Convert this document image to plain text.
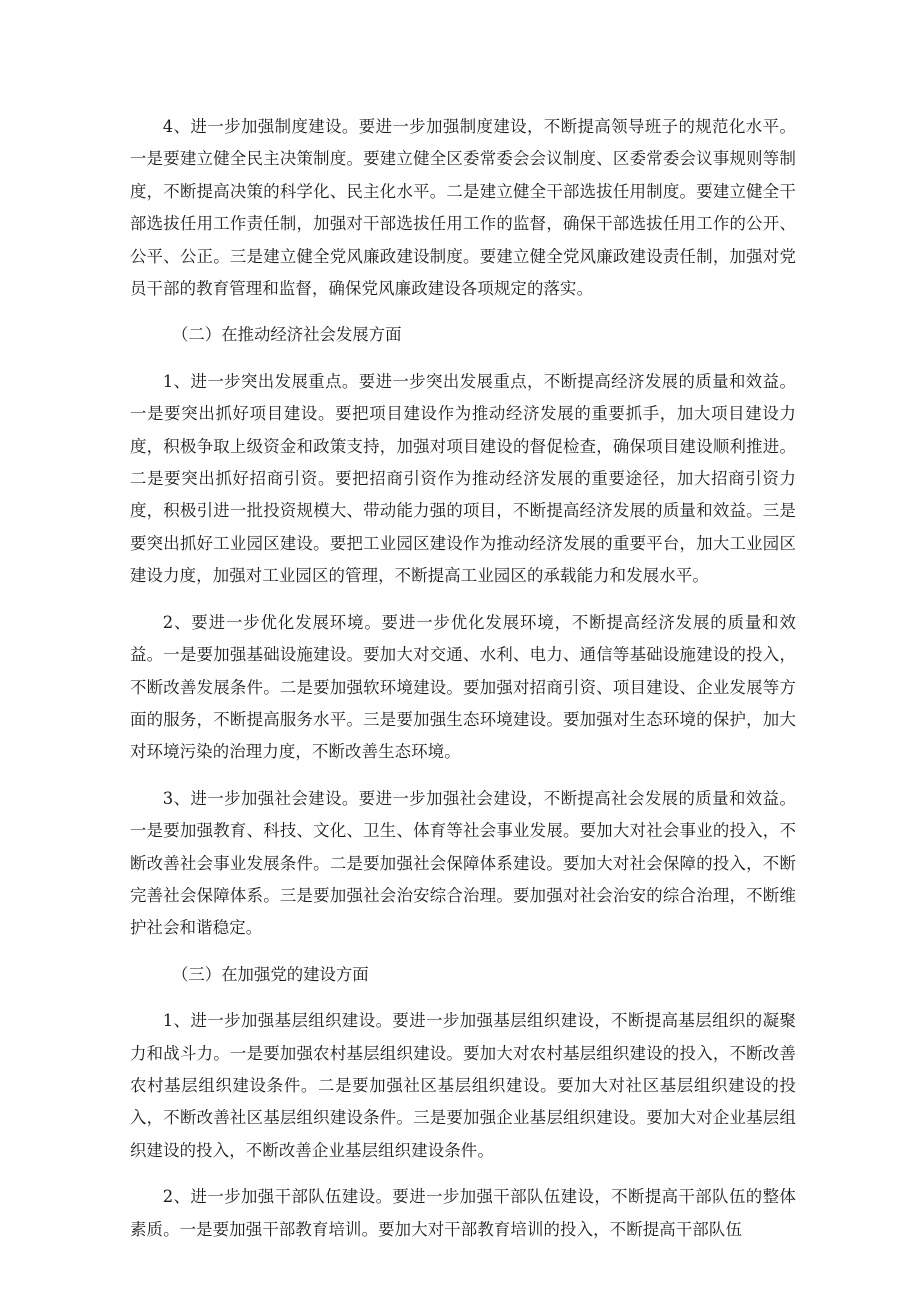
4、进一步加强制度建设。要进一步加强制度建设，不断提高领导班子的规范化水平。一是要建立健全民主决策制度。要建立健全区委常委会会议制度、区委常委会议事规则等制度，不断提高决策的科学化、民主化水平。二是建立健全干部选拔任用制度。要建立健全干部选拔任用工作责任制，加强对干部选拔任用工作的监督，确保干部选拔任用工作的公开、公平、公正。三是建立健全党风廉政建设制度。要建立健全党风廉政建设责任制，加强对党员干部的教育管理和监督，确保党风廉政建设各项规定的落实。

（二）在推动经济社会发展方面

1、进一步突出发展重点。要进一步突出发展重点，不断提高经济发展的质量和效益。一是要突出抓好项目建设。要把项目建设作为推动经济发展的重要抓手，加大项目建设力度，积极争取上级资金和政策支持，加强对项目建设的督促检查，确保项目建设顺利推进。二是要突出抓好招商引资。要把招商引资作为推动经济发展的重要途径，加大招商引资力度，积极引进一批投资规模大、带动能力强的项目，不断提高经济发展的质量和效益。三是要突出抓好工业园区建设。要把工业园区建设作为推动经济发展的重要平台，加大工业园区建设力度，加强对工业园区的管理，不断提高工业园区的承载能力和发展水平。

2、要进一步优化发展环境。要进一步优化发展环境，不断提高经济发展的质量和效益。一是要加强基础设施建设。要加大对交通、水利、电力、通信等基础设施建设的投入，不断改善发展条件。二是要加强软环境建设。要加强对招商引资、项目建设、企业发展等方面的服务，不断提高服务水平。三是要加强生态环境建设。要加强对生态环境的保护，加大对环境污染的治理力度，不断改善生态环境。

3、进一步加强社会建设。要进一步加强社会建设，不断提高社会发展的质量和效益。一是要加强教育、科技、文化、卫生、体育等社会事业发展。要加大对社会事业的投入，不断改善社会事业发展条件。二是要加强社会保障体系建设。要加大对社会保障的投入，不断完善社会保障体系。三是要加强社会治安综合治理。要加强对社会治安的综合治理，不断维护社会和谐稳定。

（三）在加强党的建设方面

1、进一步加强基层组织建设。要进一步加强基层组织建设，不断提高基层组织的凝聚力和战斗力。一是要加强农村基层组织建设。要加大对农村基层组织建设的投入，不断改善农村基层组织建设条件。二是要加强社区基层组织建设。要加大对社区基层组织建设的投入，不断改善社区基层组织建设条件。三是要加强企业基层组织建设。要加大对企业基层组织建设的投入，不断改善企业基层组织建设条件。

2、进一步加强干部队伍建设。要进一步加强干部队伍建设，不断提高干部队伍的整体素质。一是要加强干部教育培训。要加大对干部教育培训的投入，不断提高干部队伍
